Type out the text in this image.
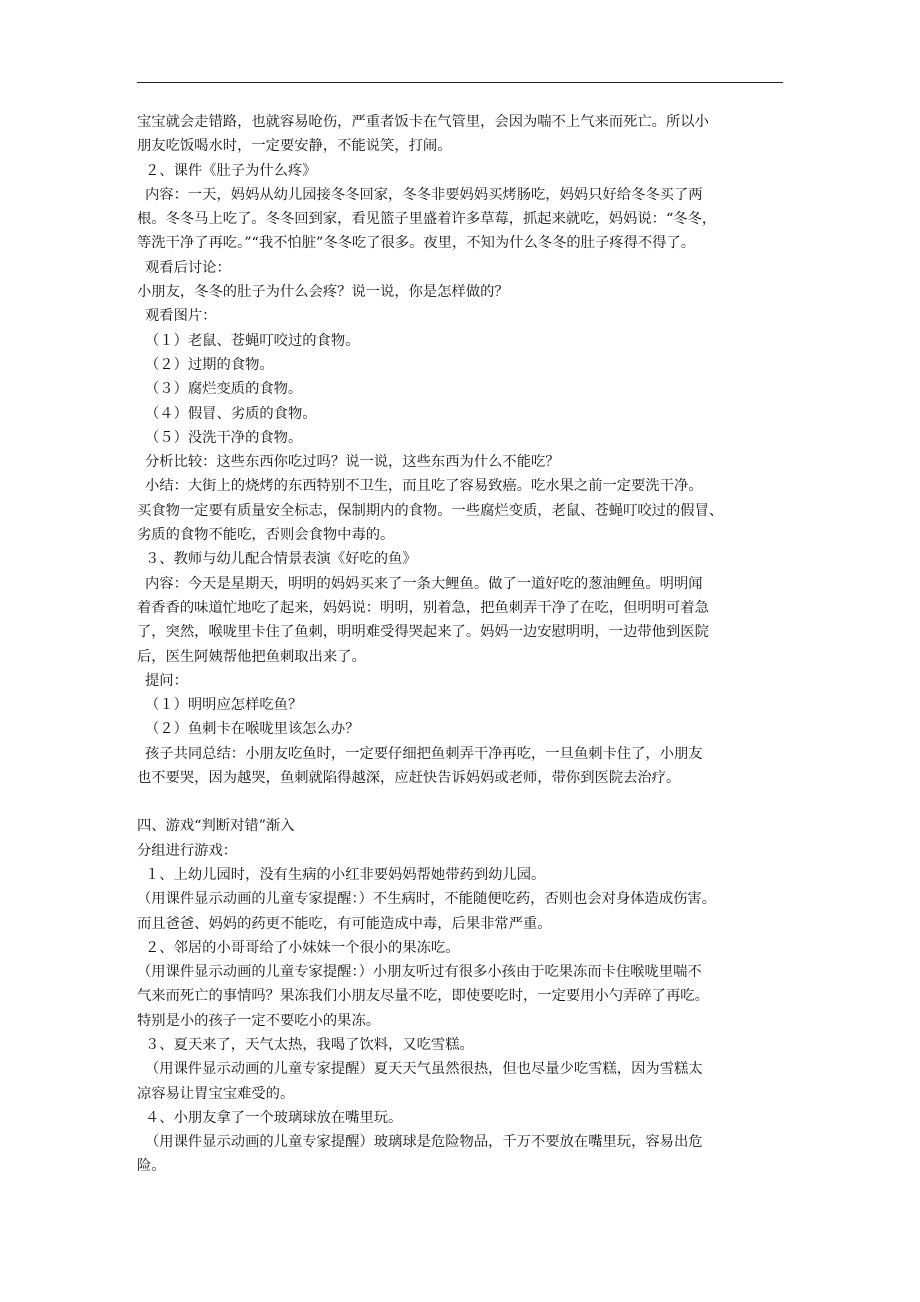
宝宝就会走错路，也就容易呛伤，严重者饭卡在气管里，会因为喘不上气来而死亡。所以小

朋友吃饭喝水时，一定要安静，不能说笑，打闹。

２、课件《肚子为什么疼》

内容：一天，妈妈从幼儿园接冬冬回家，冬冬非要妈妈买烤肠吃，妈妈只好给冬冬买了两

根。冬冬马上吃了。冬冬回到家，看见篮子里盛着许多草莓，抓起来就吃，妈妈说：“冬冬，

等洗干净了再吃。”“我不怕脏”冬冬吃了很多。夜里，不知为什么冬冬的肚子疼得不得了。

观看后讨论：

小朋友，冬冬的肚子为什么会疼？说一说，你是怎样做的？

观看图片：

（１）老鼠、苍蝇叮咬过的食物。

（２）过期的食物。

（３）腐烂变质的食物。

（４）假冒、劣质的食物。

（５）没洗干净的食物。

分析比较：这些东西你吃过吗？说一说，这些东西为什么不能吃？

小结：大街上的烧烤的东西特别不卫生，而且吃了容易致癌。吃水果之前一定要洗干净。

买食物一定要有质量安全标志，保制期内的食物。一些腐烂变质，老鼠、苍蝇叮咬过的假冒、

劣质的食物不能吃，否则会食物中毒的。

３、教师与幼儿配合情景表演《好吃的鱼》

内容：今天是星期天，明明的妈妈买来了一条大鲤鱼。做了一道好吃的葱油鲤鱼。明明闻

着香香的味道忙地吃了起来，妈妈说：明明，别着急，把鱼刺弄干净了在吃，但明明可着急

了，突然，喉咙里卡住了鱼刺，明明难受得哭起来了。妈妈一边安慰明明，一边带他到医院

后，医生阿姨帮他把鱼刺取出来了。

提问：

（１）明明应怎样吃鱼？

（２）鱼刺卡在喉咙里该怎么办？

孩子共同总结：小朋友吃鱼时，一定要仔细把鱼刺弄干净再吃，一旦鱼刺卡住了，小朋友

也不要哭，因为越哭，鱼刺就陷得越深，应赶快告诉妈妈或老师，带你到医院去治疗。

四、游戏“判断对错”渐入

分组进行游戏：

１、上幼儿园时，没有生病的小红非要妈妈帮她带药到幼儿园。

（用课件显示动画的儿童专家提醒：）不生病时，不能随便吃药，否则也会对身体造成伤害。

而且爸爸、妈妈的药更不能吃，有可能造成中毒，后果非常严重。

２、邻居的小哥哥给了小妹妹一个很小的果冻吃。

（用课件显示动画的儿童专家提醒：）小朋友听过有很多小孩由于吃果冻而卡住喉咙里喘不

气来而死亡的事情吗？果冻我们小朋友尽量不吃，即使要吃时，一定要用小勺弄碎了再吃。

特别是小的孩子一定不要吃小的果冻。

３、夏天来了，天气太热，我喝了饮料，又吃雪糕。

（用课件显示动画的儿童专家提醒）夏天天气虽然很热，但也尽量少吃雪糕，因为雪糕太

凉容易让胃宝宝难受的。

４、小朋友拿了一个玻璃球放在嘴里玩。

（用课件显示动画的儿童专家提醒）玻璃球是危险物品，千万不要放在嘴里玩，容易出危

险。
